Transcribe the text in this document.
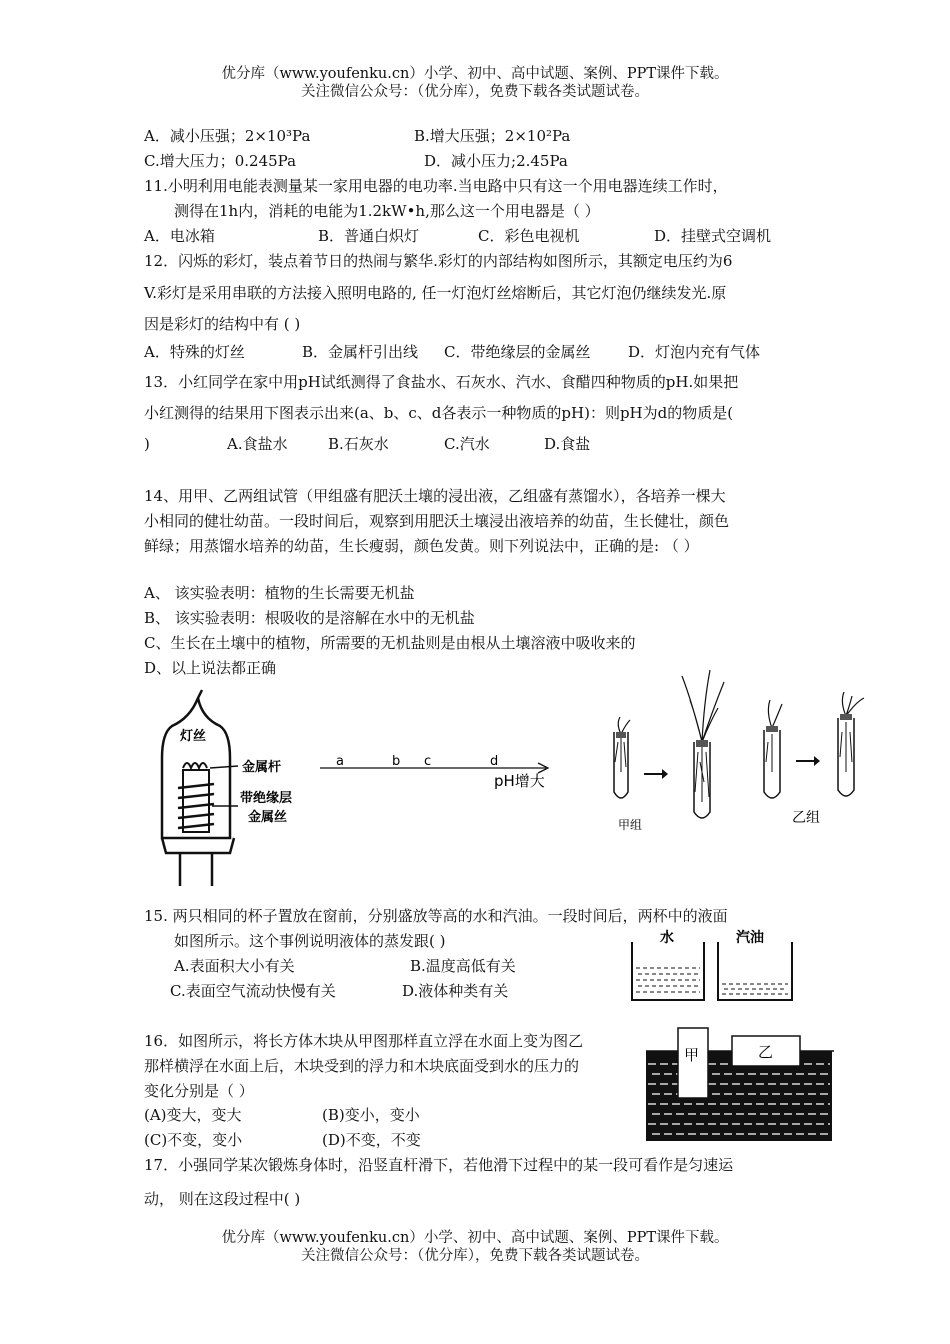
优分库（www.youfenku.cn）小学、初中、高中试题、案例、PPT课件下载。
关注微信公众号：（优分库），免费下载各类试题试卷。
A．减小压强；2×10³Pa	B.增大压强；2×10²Pa
C.增大压力；0.245Pa	D．减小压力;2.45Pa
11.小明利用电能表测量某一家用电器的电功率.当电路中只有这一个用电器连续工作时，
测得在1h内，消耗的电能为1.2kW•h,那么这一个用电器是（ ）
A．电冰箱	B．普通白炽灯	C．彩色电视机	D．挂壁式空调机
12．闪烁的彩灯，装点着节日的热闹与繁华.彩灯的内部结构如图所示，其额定电压约为6
V.彩灯是采用串联的方法接入照明电路的, 任一灯泡灯丝熔断后，其它灯泡仍继续发光.原
因是彩灯的结构中有 ( )
A．特殊的灯丝	B．金属杆引出线 C．带绝缘层的金属丝	D．灯泡内充有气体
13．小红同学在家中用pH试纸测得了食盐水、石灰水、汽水、食醋四种物质的pH.如果把
小红测得的结果用下图表示出来(a、b、c、d各表示一种物质的pH)：则pH为d的物质是(
)	A.食盐水	B.石灰水	C.汽水	D.食盐
14、用甲、乙两组试管（甲组盛有肥沃土壤的浸出液，乙组盛有蒸馏水），各培养一棵大
小相同的健壮幼苗。一段时间后，观察到用肥沃土壤浸出液培养的幼苗，生长健壮，颜色
鲜绿；用蒸馏水培养的幼苗，生长瘦弱，颜色发黄。则下列说法中，正确的是: （ ）
A、 该实验表明：植物的生长需要无机盐
B、 该实验表明：根吸收的是溶解在水中的无机盐
C、生长在土壤中的植物，所需要的无机盐则是由根从土壤溶液中吸收来的
D、以上说法都正确
灯丝
金属杆
带绝缘层
金属丝
a	b c	d
pH增大
甲组	乙组
15. 两只相同的杯子置放在窗前，分别盛放等高的水和汽油。一段时间后，两杯中的液面
如图所示。这个事例说明液体的蒸发跟( )
A.表面积大小有关	B.温度高低有关
C.表面空气流动快慢有关	D.液体种类有关
水	汽油
16．如图所示，将长方体木块从甲图那样直立浮在水面上变为图乙
那样横浮在水面上后，木块受到的浮力和木块底面受到水的压力的
变化分别是（ ）
(A)变大，变大	(B)变小，变小
(C)不变，变小	(D)不变，不变
甲	乙
17．小强同学某次锻炼身体时，沿竖直杆滑下，若他滑下过程中的某一段可看作是匀速运
动， 则在这段过程中( )
优分库（www.youfenku.cn）小学、初中、高中试题、案例、PPT课件下载。
关注微信公众号：（优分库），免费下载各类试题试卷。
